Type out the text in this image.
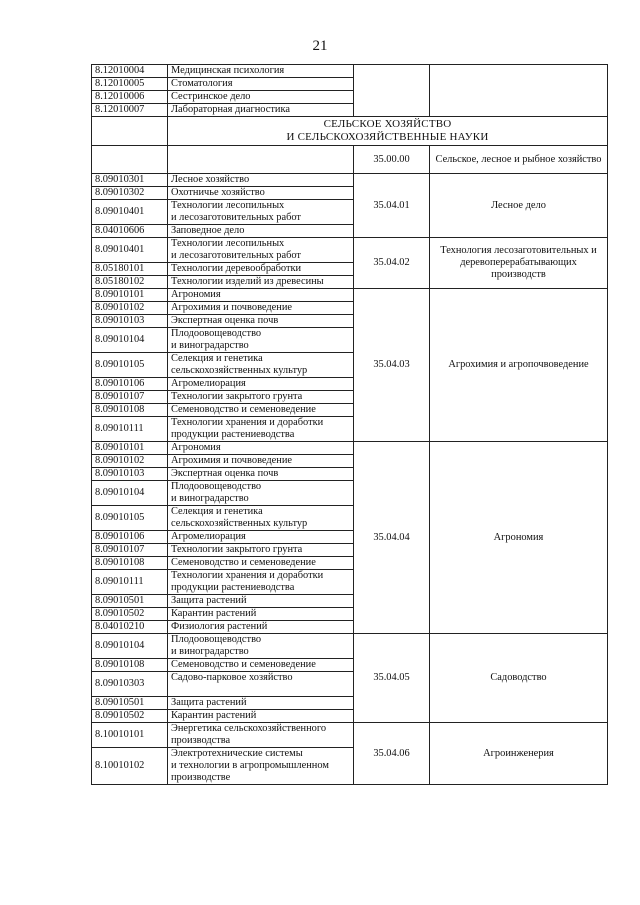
21
8.12010004	Медицинская психология		
8.12010005	Стоматология		
8.12010006	Сестринское дело		
8.12010007	Лабораторная диагностика		

	СЕЛЬСКОЕ ХОЗЯЙСТВО
И СЕЛЬСКОХОЗЯЙСТВЕННЫЕ НАУКИ		

		35.00.00	Сельское, лесное и рыбное хозяйство
8.09010301	Лесное хозяйство	35.04.01	Лесное дело
8.09010302	Охотничье хозяйство		

8.09010401	Технологии лесопильных
и лесозаготовительных работ		

8.04010606	Заповедное дело		

8.09010401	Технологии лесопильных
и лесозаготовительных работ	35.04.02	Технология лесозаготовительных и деревоперерабатывающих производств
8.05180101	Технологии деревообработки		

8.05180102	Технологии изделий из древесины		

8.09010101	Агрономия	35.04.03	Агрохимия и агропочвоведение
8.09010102	Агрохимия и почвоведение		

8.09010103	Экспертная оценка почв		

8.09010104	Плодоовощеводство
и виноградарство		

8.09010105	Селекция и генетика
сельскохозяйственных культур		

8.09010106	Агромелиорация		

8.09010107	Технологии закрытого грунта		

8.09010108	Семеноводство и семеноведение		

8.09010111	Технологии хранения и доработки
продукции растениеводства		

8.09010101	Агрономия	35.04.04	Агрономия
8.09010102	Агрохимия и почвоведение		

8.09010103	Экспертная оценка почв		

8.09010104	Плодоовощеводство
и виноградарство		

8.09010105	Селекция и генетика
сельскохозяйственных культур		

8.09010106	Агромелиорация		

8.09010107	Технологии закрытого грунта		

8.09010108	Семеноводство и семеноведение		

8.09010111	Технологии хранения и доработки
продукции растениеводства		

8.09010501	Защита растений		

8.09010502	Карантин растений		

8.04010210	Физиология растений		

8.09010104	Плодоовощеводство
и виноградарство	35.04.05	Садоводство
8.09010108	Семеноводство и семеноведение		

8.09010303	Садово-парковое хозяйство		

8.09010501	Защита растений		

8.09010502	Карантин растений		

8.10010101	Энергетика сельскохозяйственного
производства	35.04.06	Агроинженерия
8.10010102	Электротехнические системы
и технологии в агропромышленном
производстве		
